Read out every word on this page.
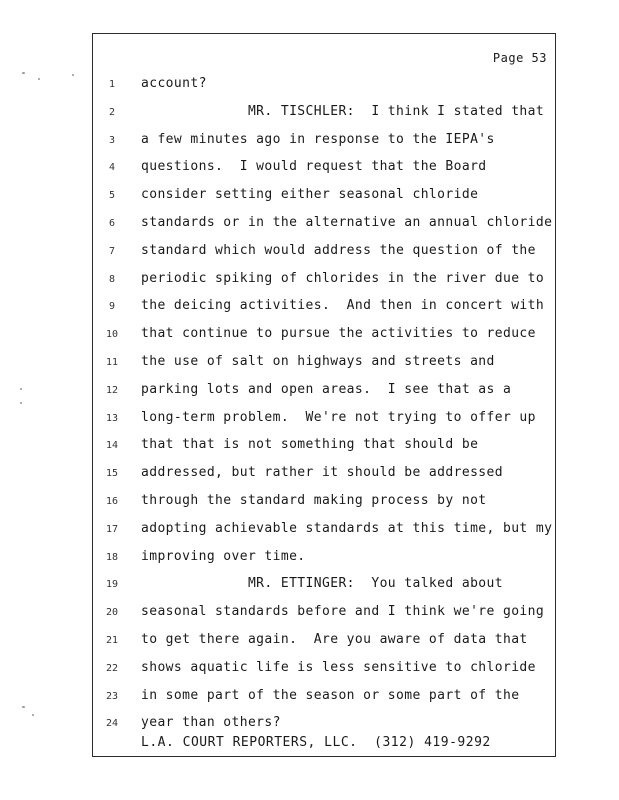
Page 53
1	account?
2	MR. TISCHLER:  I think I stated that
3	a few minutes ago in response to the IEPA's
4	questions.  I would request that the Board
5	consider setting either seasonal chloride
6	standards or in the alternative an annual chloride
7	standard which would address the question of the
8	periodic spiking of chlorides in the river due to
9	the deicing activities.  And then in concert with
10	that continue to pursue the activities to reduce
11	the use of salt on highways and streets and
12	parking lots and open areas.  I see that as a
13	long-term problem.  We're not trying to offer up
14	that that is not something that should be
15	addressed, but rather it should be addressed
16	through the standard making process by not
17	adopting achievable standards at this time, but my
18	improving over time.
19	MR. ETTINGER:  You talked about
20	seasonal standards before and I think we're going
21	to get there again.  Are you aware of data that
22	shows aquatic life is less sensitive to chloride
23	in some part of the season or some part of the
24	year than others?
L.A. COURT REPORTERS, LLC.  (312) 419-9292
